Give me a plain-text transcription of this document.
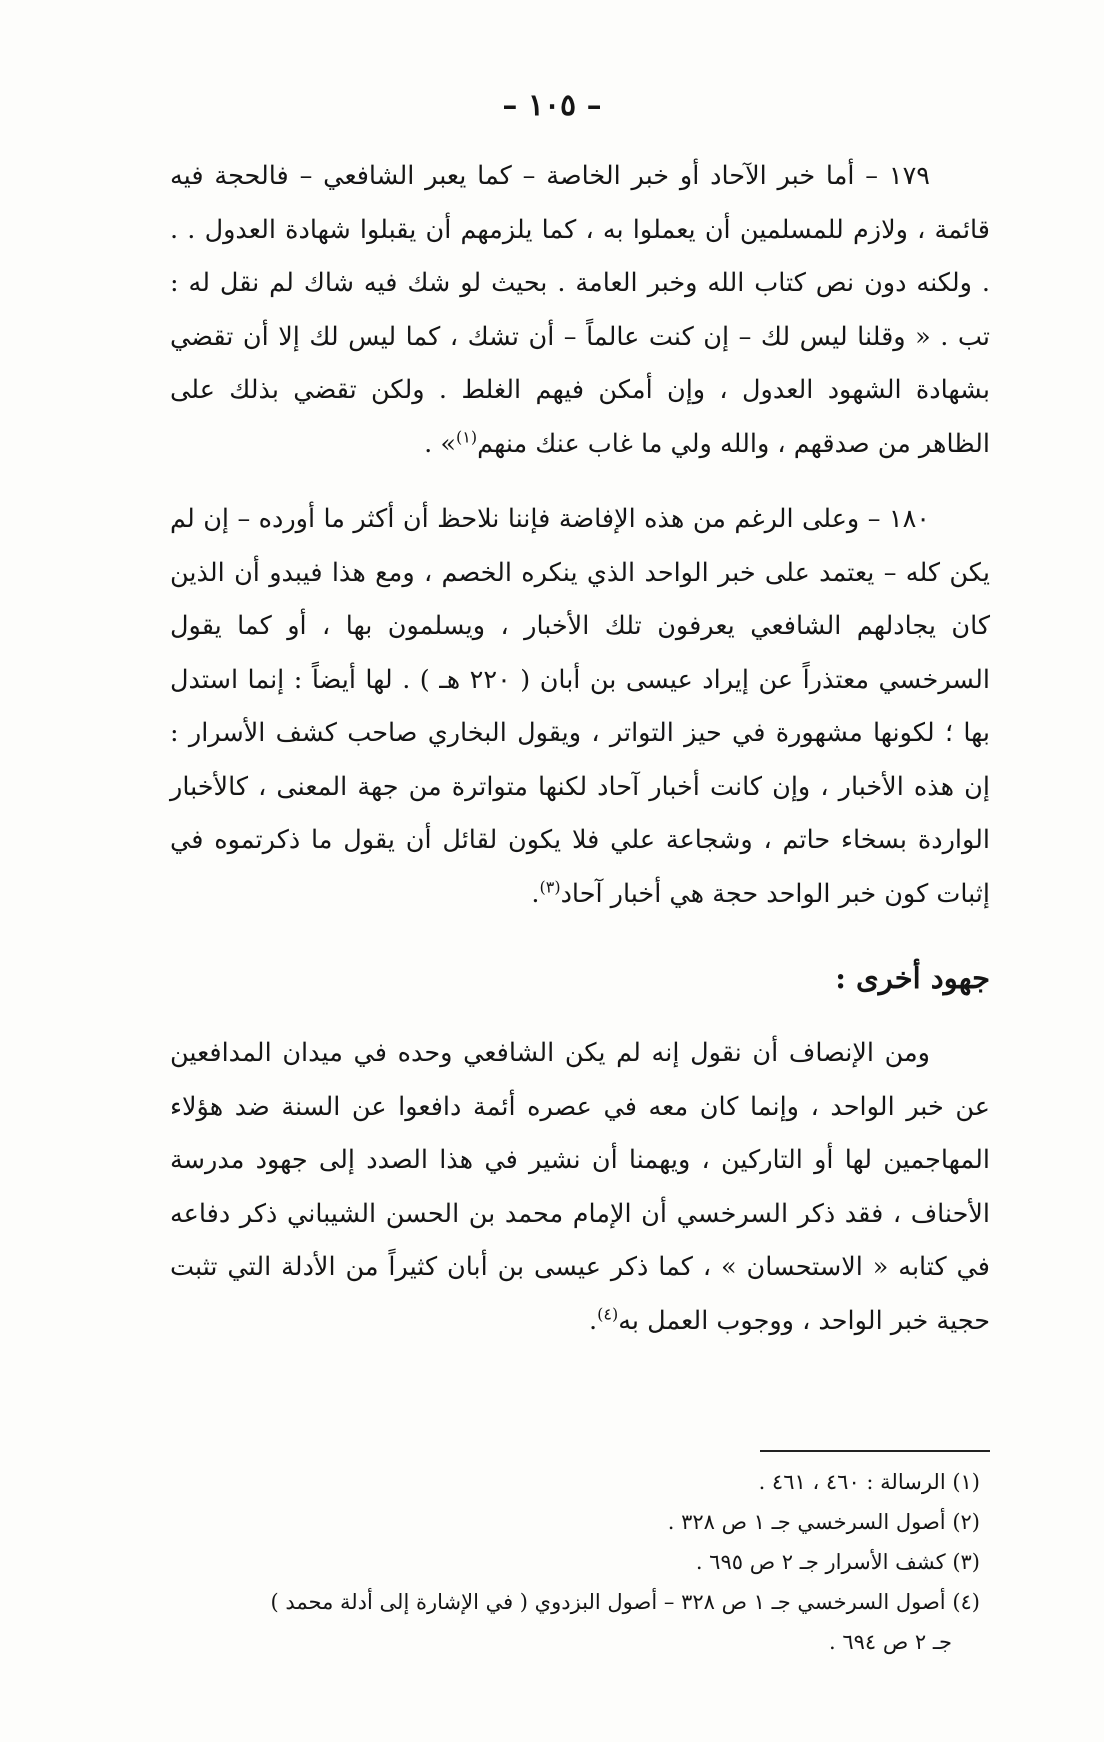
– ١٠٥ –

١٧٩ – أما خبر الآحاد أو خبر الخاصة – كما يعبر الشافعي – فالحجة فيه قائمة ، ولازم للمسلمين أن يعملوا به ، كما يلزمهم أن يقبلوا شهادة العدول . . . ولكنه دون نص كتاب الله وخبر العامة . بحيث لو شك فيه شاك لم نقل له : تب . « وقلنا ليس لك – إن كنت عالماً – أن تشك ، كما ليس لك إلا أن تقضي بشهادة الشهود العدول ، وإن أمكن فيهم الغلط . ولكن تقضي بذلك على الظاهر من صدقهم ، والله ولي ما غاب عنك منهم$^{(١)}$» .

١٨٠ – وعلى الرغم من هذه الإفاضة فإننا نلاحظ أن أكثر ما أورده – إن لم يكن كله – يعتمد على خبر الواحد الذي ينكره الخصم ، ومع هذا فيبدو أن الذين كان يجادلهم الشافعي يعرفون تلك الأخبار ، ويسلمون بها ، أو كما يقول السرخسي معتذراً عن إيراد عيسى بن أبان ( ٢٢٠ هـ ) . لها أيضاً : إنما استدل بها ؛ لكونها مشهورة في حيز التواتر ، ويقول البخاري صاحب كشف الأسرار : إن هذه الأخبار ، وإن كانت أخبار آحاد لكنها متواترة من جهة المعنى ، كالأخبار الواردة بسخاء حاتم ، وشجاعة علي فلا يكون لقائل أن يقول ما ذكرتموه في إثبات كون خبر الواحد حجة هي أخبار آحاد$^{(٣)}$.

جهود أخرى :

ومن الإنصاف أن نقول إنه لم يكن الشافعي وحده في ميدان المدافعين عن خبر الواحد ، وإنما كان معه في عصره أئمة دافعوا عن السنة ضد هؤلاء المهاجمين لها أو التاركين ، ويهمنا أن نشير في هذا الصدد إلى جهود مدرسة الأحناف ، فقد ذكر السرخسي أن الإمام محمد بن الحسن الشيباني ذكر دفاعه في كتابه « الاستحسان » ، كما ذكر عيسى بن أبان كثيراً من الأدلة التي تثبت حجية خبر الواحد ، ووجوب العمل به$^{(٤)}$.

(١) الرسالة : ٤٦٠ ، ٤٦١ .

(٢) أصول السرخسي جـ ١ ص ٣٢٨ .

(٣) كشف الأسرار جـ ٢ ص ٦٩٥ .

(٤) أصول السرخسي جـ ١ ص ٣٢٨ – أصول البزدوي ( في الإشارة إلى أدلة محمد )

جـ ٢ ص ٦٩٤ .
